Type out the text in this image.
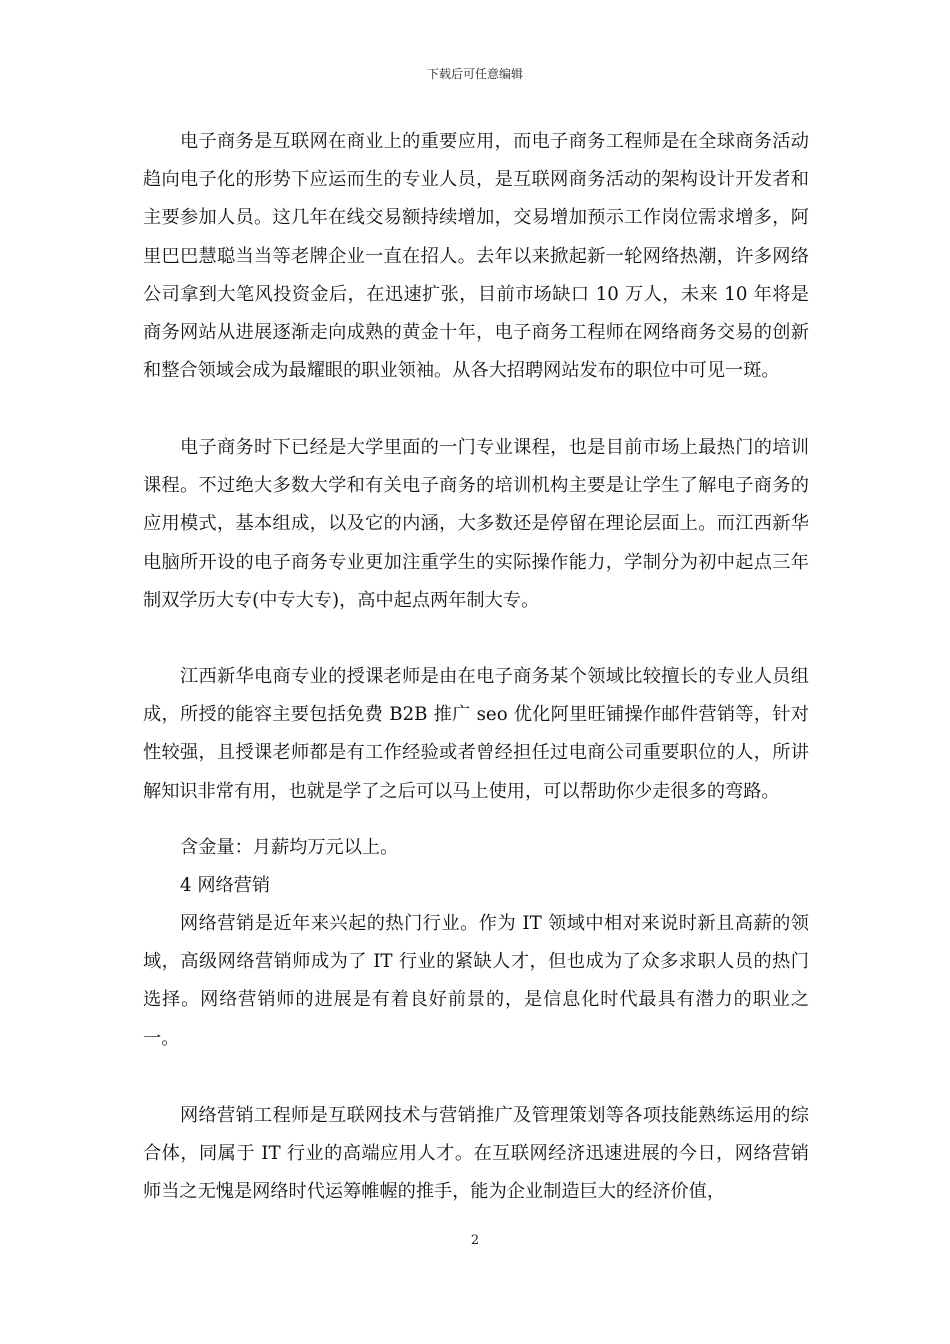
下载后可任意编辑

电子商务是互联网在商业上的重要应用，而电子商务工程师是在全球商务活动趋向电子化的形势下应运而生的专业人员，是互联网商务活动的架构设计开发者和主要参加人员。这几年在线交易额持续增加，交易增加预示工作岗位需求增多，阿里巴巴慧聪当当等老牌企业一直在招人。去年以来掀起新一轮网络热潮，许多网络公司拿到大笔风投资金后，在迅速扩张，目前市场缺口 10 万人，未来 10 年将是商务网站从进展逐渐走向成熟的黄金十年，电子商务工程师在网络商务交易的创新和整合领域会成为最耀眼的职业领袖。从各大招聘网站发布的职位中可见一斑。

电子商务时下已经是大学里面的一门专业课程，也是目前市场上最热门的培训课程。不过绝大多数大学和有关电子商务的培训机构主要是让学生了解电子商务的应用模式，基本组成，以及它的内涵，大多数还是停留在理论层面上。而江西新华电脑所开设的电子商务专业更加注重学生的实际操作能力，学制分为初中起点三年制双学历大专(中专大专)，高中起点两年制大专。

江西新华电商专业的授课老师是由在电子商务某个领域比较擅长的专业人员组成，所授的能容主要包括免费 B2B 推广 seo 优化阿里旺铺操作邮件营销等，针对性较强，且授课老师都是有工作经验或者曾经担任过电商公司重要职位的人，所讲解知识非常有用，也就是学了之后可以马上使用，可以帮助你少走很多的弯路。

含金量：月薪均万元以上。

4 网络营销

网络营销是近年来兴起的热门行业。作为 IT 领域中相对来说时新且高薪的领域，高级网络营销师成为了 IT 行业的紧缺人才，但也成为了众多求职人员的热门选择。网络营销师的进展是有着良好前景的，是信息化时代最具有潜力的职业之一。

网络营销工程师是互联网技术与营销推广及管理策划等各项技能熟练运用的综合体，同属于 IT 行业的高端应用人才。在互联网经济迅速进展的今日，网络营销师当之无愧是网络时代运筹帷幄的推手，能为企业制造巨大的经济价值，

2
